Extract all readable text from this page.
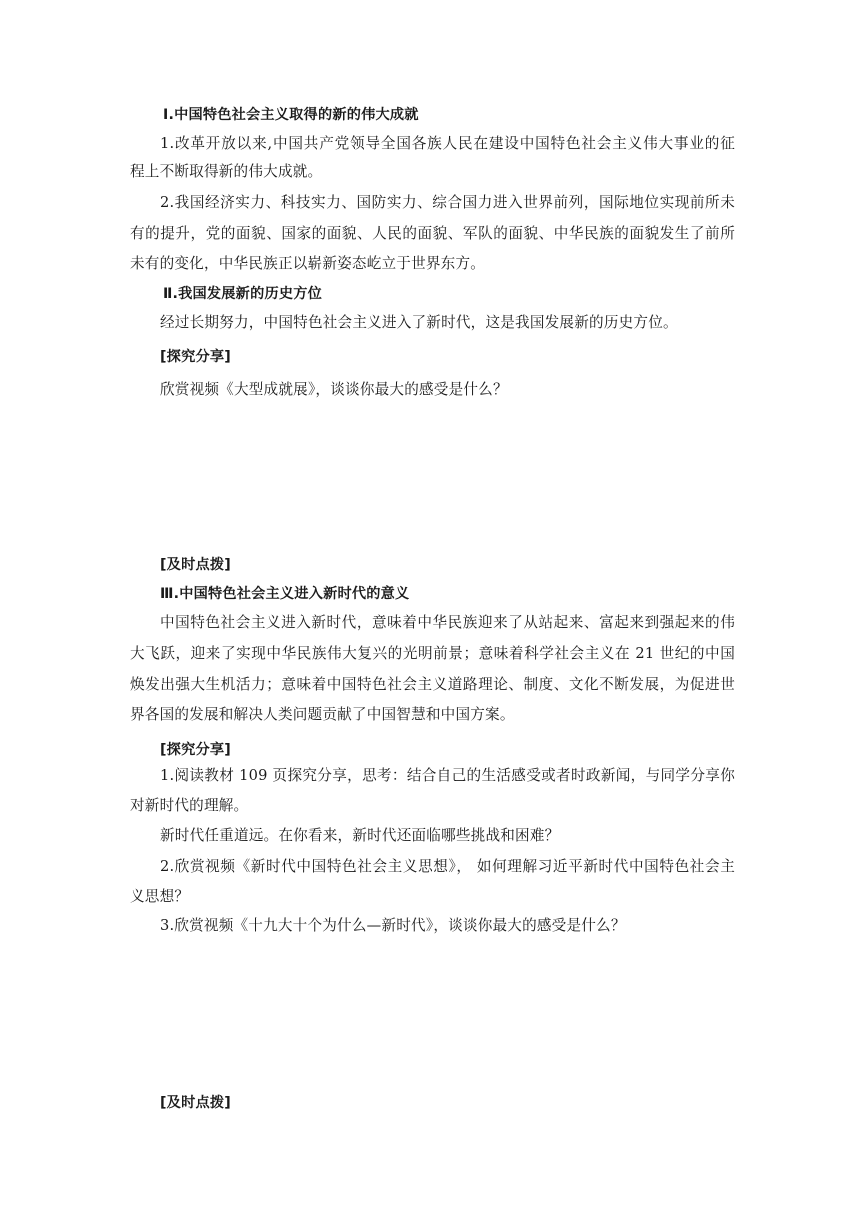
Ⅰ.中国特色社会主义取得的新的伟大成就
1.改革开放以来,中国共产党领导全国各族人民在建设中国特色社会主义伟大事业的征
程上不断取得新的伟大成就。
2.我国经济实力、科技实力、国防实力、综合国力进入世界前列，国际地位实现前所未
有的提升，党的面貌、国家的面貌、人民的面貌、军队的面貌、中华民族的面貌发生了前所
未有的变化，中华民族正以崭新姿态屹立于世界东方。
Ⅱ.我国发展新的历史方位
经过长期努力，中国特色社会主义进入了新时代，这是我国发展新的历史方位。
[探究分享]
欣赏视频《大型成就展》，谈谈你最大的感受是什么？
[及时点拨]
Ⅲ.中国特色社会主义进入新时代的意义
中国特色社会主义进入新时代，意味着中华民族迎来了从站起来、富起来到强起来的伟
大飞跃，迎来了实现中华民族伟大复兴的光明前景；意味着科学社会主义在 21 世纪的中国
焕发出强大生机活力；意味着中国特色社会主义道路理论、制度、文化不断发展，为促进世
界各国的发展和解决人类问题贡献了中国智慧和中国方案。
[探究分享]
1.阅读教材 109 页探究分享，思考：结合自己的生活感受或者时政新闻，与同学分享你
对新时代的理解。
新时代任重道远。在你看来，新时代还面临哪些挑战和困难？
2.欣赏视频《新时代中国特色社会主义思想》， 如何理解习近平新时代中国特色社会主
义思想？
3.欣赏视频《十九大十个为什么—新时代》，谈谈你最大的感受是什么？
[及时点拨]
